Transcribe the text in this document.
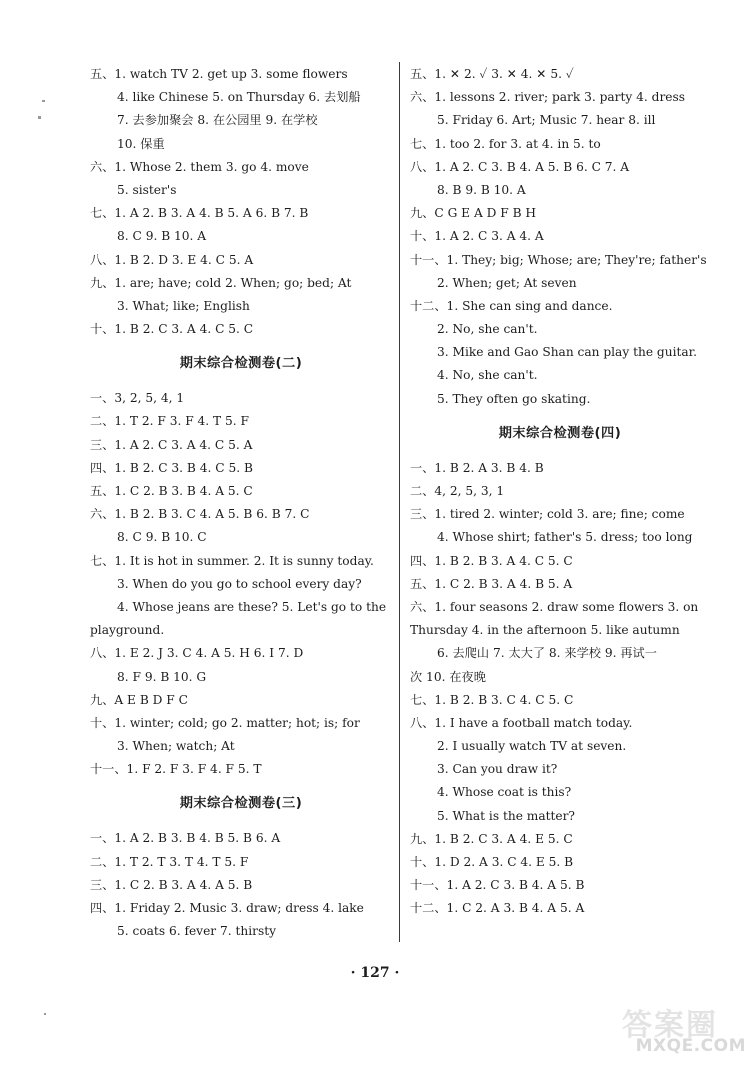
五、1. watch TV 2. get up 3. some flowers
4. like Chinese 5. on Thursday 6. 去划船
7. 去参加聚会 8. 在公园里 9. 在学校
10. 保重
六、1. Whose 2. them 3. go 4. move
5. sister's
七、1. A 2. B 3. A 4. B 5. A 6. B 7. B
8. C 9. B 10. A
八、1. B 2. D 3. E 4. C 5. A
九、1. are; have; cold 2. When; go; bed; At
3. What; like; English
十、1. B 2. C 3. A 4. C 5. C
期末综合检测卷(二)
一、3, 2, 5, 4, 1
二、1. T 2. F 3. F 4. T 5. F
三、1. A 2. C 3. A 4. C 5. A
四、1. B 2. C 3. B 4. C 5. B
五、1. C 2. B 3. B 4. A 5. C
六、1. B 2. B 3. C 4. A 5. B 6. B 7. C
8. C 9. B 10. C
七、1. It is hot in summer. 2. It is sunny today.
3. When do you go to school every day?
4. Whose jeans are these? 5. Let's go to the
playground.
八、1. E 2. J 3. C 4. A 5. H 6. I 7. D
8. F 9. B 10. G
九、A E B D F C
十、1. winter; cold; go 2. matter; hot; is; for
3. When; watch; At
十一、1. F 2. F 3. F 4. F 5. T
期末综合检测卷(三)
一、1. A 2. B 3. B 4. B 5. B 6. A
二、1. T 2. T 3. T 4. T 5. F
三、1. C 2. B 3. A 4. A 5. B
四、1. Friday 2. Music 3. draw; dress 4. lake
5. coats 6. fever 7. thirsty
五、1. ✕ 2. ✓ 3. ✕ 4. ✕ 5. ✓
六、1. lessons 2. river; park 3. party 4. dress
5. Friday 6. Art; Music 7. hear 8. ill
七、1. too 2. for 3. at 4. in 5. to
八、1. A 2. C 3. B 4. A 5. B 6. C 7. A
8. B 9. B 10. A
九、C G E A D F B H
十、1. A 2. C 3. A 4. A
十一、1. They; big; Whose; are; They're; father's
2. When; get; At seven
十二、1. She can sing and dance.
2. No, she can't.
3. Mike and Gao Shan can play the guitar.
4. No, she can't.
5. They often go skating.
期末综合检测卷(四)
一、1. B 2. A 3. B 4. B
二、4, 2, 5, 3, 1
三、1. tired 2. winter; cold 3. are; fine; come
4. Whose shirt; father's 5. dress; too long
四、1. B 2. B 3. A 4. C 5. C
五、1. C 2. B 3. A 4. B 5. A
六、1. four seasons 2. draw some flowers 3. on
Thursday 4. in the afternoon 5. like autumn
6. 去爬山 7. 太大了 8. 来学校 9. 再试一
次 10. 在夜晚
七、1. B 2. B 3. C 4. C 5. C
八、1. I have a football match today.
2. I usually watch TV at seven.
3. Can you draw it?
4. Whose coat is this?
5. What is the matter?
九、1. B 2. C 3. A 4. E 5. C
十、1. D 2. A 3. C 4. E 5. B
十一、1. A 2. C 3. B 4. A 5. B
十二、1. C 2. A 3. B 4. A 5. A
· 127 ·
答案圈
MXQE.COM
